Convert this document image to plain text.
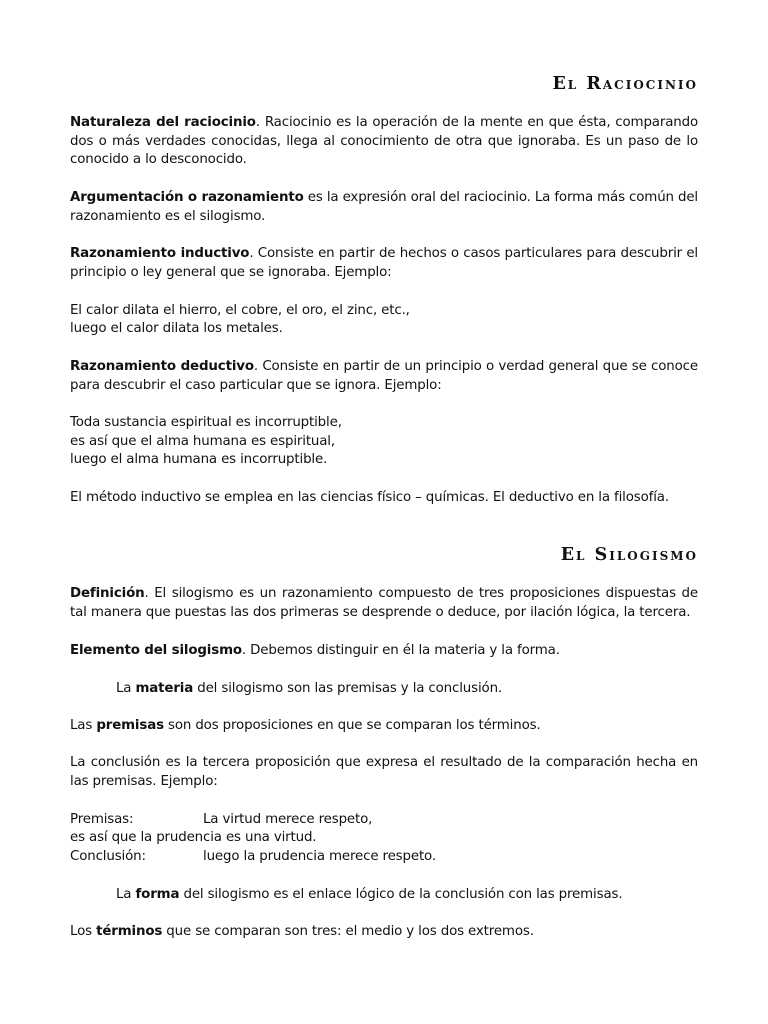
El Raciocinio

Naturaleza del raciocinio. Raciocinio es la operación de la mente en que ésta, comparando dos o más verdades conocidas, llega al conocimiento de otra que ignoraba. Es un paso de lo conocido a lo desconocido.

Argumentación o razonamiento es la expresión oral del raciocinio. La forma más común del razonamiento es el silogismo.

Razonamiento inductivo. Consiste en partir de hechos o casos particulares para descubrir el principio o ley general que se ignoraba. Ejemplo:

El calor dilata el hierro, el cobre, el oro, el zinc, etc.,

luego el calor dilata los metales.

Razonamiento deductivo. Consiste en partir de un principio o verdad general que se conoce para descubrir el caso particular que se ignora. Ejemplo:

Toda sustancia espiritual es incorruptible,

es así que el alma humana es espiritual,

luego el alma humana es incorruptible.

El método inductivo se emplea en las ciencias físico – químicas. El deductivo en la filosofía.

El Silogismo

Definición. El silogismo es un razonamiento compuesto de tres proposiciones dispuestas de tal manera que puestas las dos primeras se desprende o deduce, por ilación lógica, la tercera.

Elemento del silogismo. Debemos distinguir en él la materia y la forma.

La materia del silogismo son las premisas y la conclusión.

Las premisas son dos proposiciones en que se comparan los términos.

La conclusión es la tercera proposición que expresa el resultado de la comparación hecha en las premisas. Ejemplo:

Premisas:	La virtud merece respeto,

es así que la prudencia es una virtud.

Conclusión:	luego la prudencia merece respeto.

La forma del silogismo es el enlace lógico de la conclusión con las premisas.

Los términos que se comparan son tres: el medio y los dos extremos.
